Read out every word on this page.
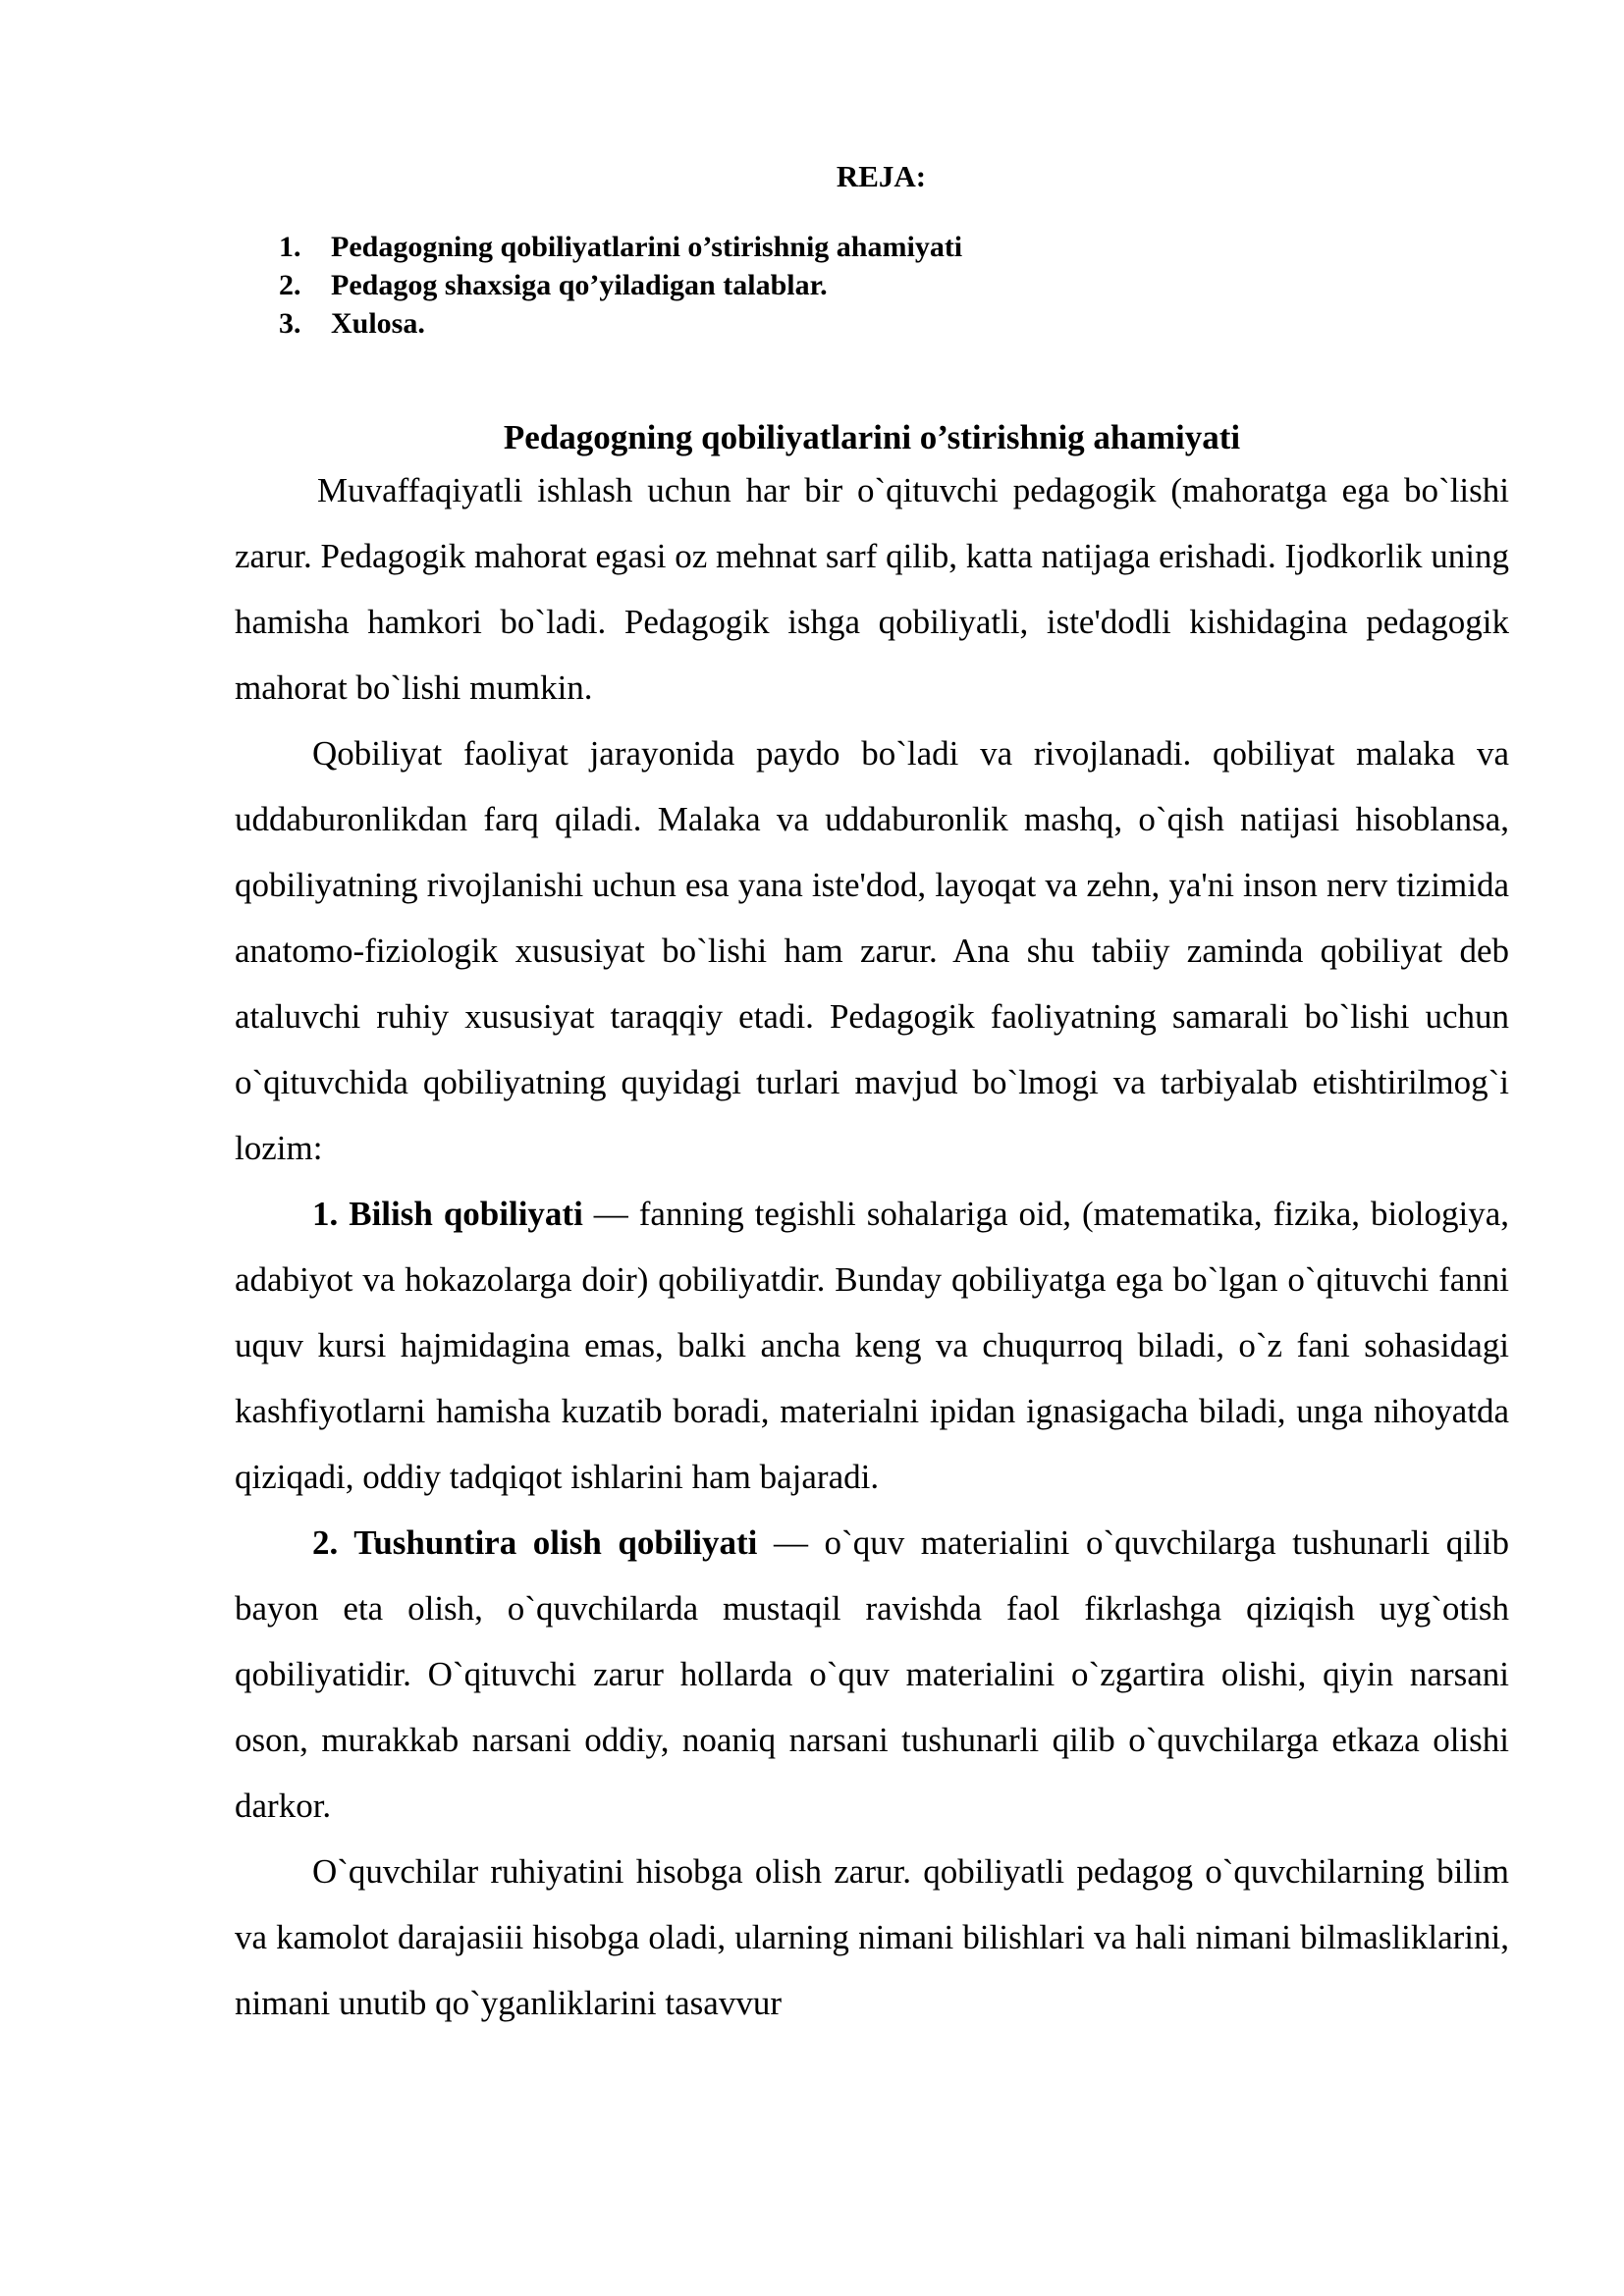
REJA:
1. Pedagogning qobiliyatlarini o’stirishnig ahamiyati
2. Pedagog shaxsiga qo’yiladigan talablar.
3. Xulosa.
Pedagogning qobiliyatlarini o’stirishnig ahamiyati

Muvaffaqiyatli ishlash uchun har bir o`qituvchi pedagogik (mahoratga ega bo`lishi zarur. Pedagogik mahorat egasi oz mehnat sarf qilib, katta natijaga erishadi. Ijodkorlik uning hamisha hamkori bo`ladi. Pedagogik ishga qobiliyatli, iste'dodli kishidagina pedagogik mahorat bo`lishi mumkin.

Qobiliyat faoliyat jarayonida paydo bo`ladi va rivojlanadi. qobiliyat malaka va uddaburonlikdan farq qiladi. Malaka va uddaburonlik mashq, o`qish natijasi hisoblansa, qobiliyatning rivojlanishi uchun esa yana iste'dod, layoqat va zehn, ya'ni inson nerv tizimida anatomo-fiziologik xususiyat bo`lishi ham zarur. Ana shu tabiiy zaminda qobiliyat deb ataluvchi ruhiy xususiyat taraqqiy etadi. Pedagogik faoliyatning samarali bo`lishi uchun o`qituvchida qobiliyatning quyidagi turlari mavjud bo`lmogi va tarbiyalab etishtirilmog`i lozim:

1. Bilish qobiliyati — fanning tegishli sohalariga oid, (matematika, fizika, biologiya, adabiyot va hokazolarga doir) qobiliyatdir. Bunday qobiliyatga ega bo`lgan o`qituvchi fanni uquv kursi hajmidagina emas, balki ancha keng va chuqurroq biladi, o`z fani sohasidagi kashfiyotlarni hamisha kuzatib boradi, materialni ipidan ignasigacha biladi, unga nihoyatda qiziqadi, oddiy tadqiqot ishlarini ham bajaradi.

2. Tushuntira olish qobiliyati — o`quv materialini o`quvchilarga tushunarli qilib bayon eta olish, o`quvchilarda mustaqil ravishda faol fikrlashga qiziqish uyg`otish qobiliyatidir. O`qituvchi zarur hollarda o`quv materialini o`zgartira olishi, qiyin narsani oson, murakkab narsani oddiy, noaniq narsani tushunarli qilib o`quvchilarga etkaza olishi darkor.

O`quvchilar ruhiyatini hisobga olish zarur. qobiliyatli pedagog o`quvchilarning bilim va kamolot darajasiii hisobga oladi, ularning nimani bilishlari va hali nimani bilmasliklarini, nimani unutib qo`yganliklarini tasavvur
